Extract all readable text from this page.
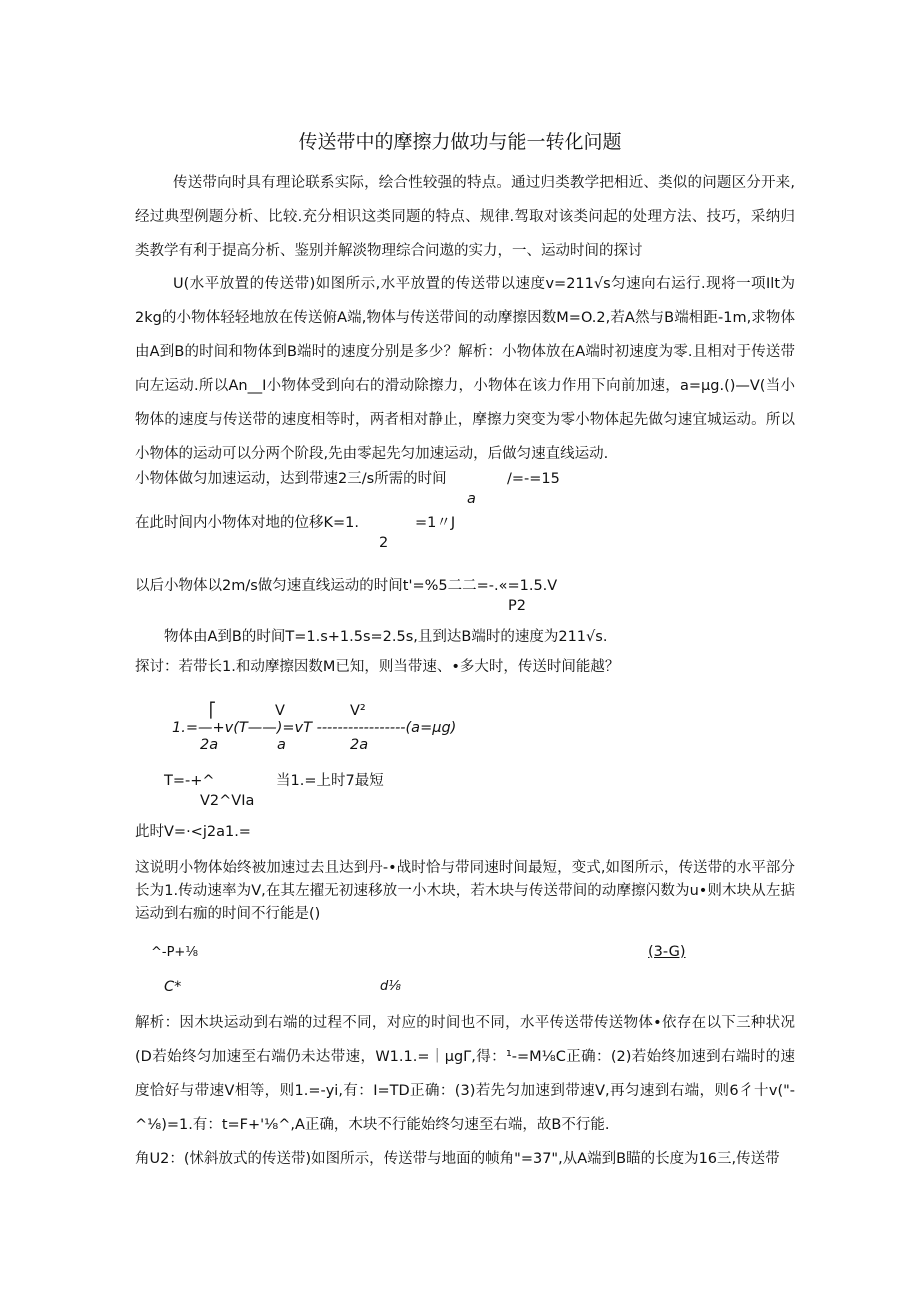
传送带中的摩擦力做功与能一转化问题

传送带向时具有理论联系实际，绘合性较强的特点。通过归类教学把相近、类似的问题区分开来,经过典型例题分析、比较.充分相识这类同题的特点、规律.驾取对该类问起的处理方法、技巧，采纳归类教学有利于提高分析、鉴别并解淡物理综合问遨的实力，一、运动时间的探讨

U(水平放置的传送带)如图所示,水平放置的传送带以速度v=211√s匀速向右运行.现将一项Ilt为2kg的小物体轻轻地放在传送俯A端,物体与传送带间的动摩擦因数M=O.2,若A然与B端相距-1m,求物体由A到B的时间和物体到B端时的速度分别是多少？解析：小物体放在A端时初速度为零.且相对于传送带向左运动.所以An__I小物体受到向右的滑动除擦力，小物体在该力作用下向前加速，a=μg.()—V(当小物体的速度与传送带的速度相等时，两者相对静止，摩擦力突变为零小物体起先做匀速宜城运动。所以小物体的运动可以分两个阶段,先由零起先匀加速运动，后做匀速直线运动.

小物体做匀加速运动，达到带速2三/s所需的时间	/=-=15
a
在此时间内小物体对地的位移K=1.	=1〃J
2
以后小物体以2m/s做匀速直线运动的时间t'=%5二二=-.«=1.5.V
P2
物体由A到B的时间T=1.s+1.5s=2.5s,且到达B端时的速度为211√s.
探讨：若带长1.和动摩擦因数M已知，则当带速、•多大时，传送时间能越？
⎡	V	V²
1.=—+v(T——)=vT -----------------(a=μg)
2a	a	2a
T=-+^	当1.=上时7最短
V2^VIa
此时V=·<j2a1.=
这说明小物体始终被加速过去且达到丹-•战时恰与带同速时间最短，变式,如图所示，传送带的水平部分长为1.传动速率为V,在其左擢无初速移放一小木块，若木块与传送带间的动摩擦闪数为u•则木块从左掂运动到右痂的时间不行能是()
^-P+⅛	(3-G)
C*	d⅛

解析：因木块运动到右端的过程不同，对应的时间也不同，水平传送带传送物体•依存在以下三种状况(D若始终匀加速至右端仍未达带速，W1.1.=｜μgΓ,得：¹-=M⅛C正确：(2)若始终加速到右端时的速度恰好与带速V相等，则1.=-yi,有：I=TD正确：(3)若先匀加速到带速V,再匀速到右端，则6彳十v("-^⅛)=1.有：t=F+'⅛^,A正确，木块不行能始终匀速至右端，故B不行能.

角U2：(怵斜放式的传送带)如图所示，传送带与地面的帧角"=37",从A端到B瞄的长度为16三,传送带
